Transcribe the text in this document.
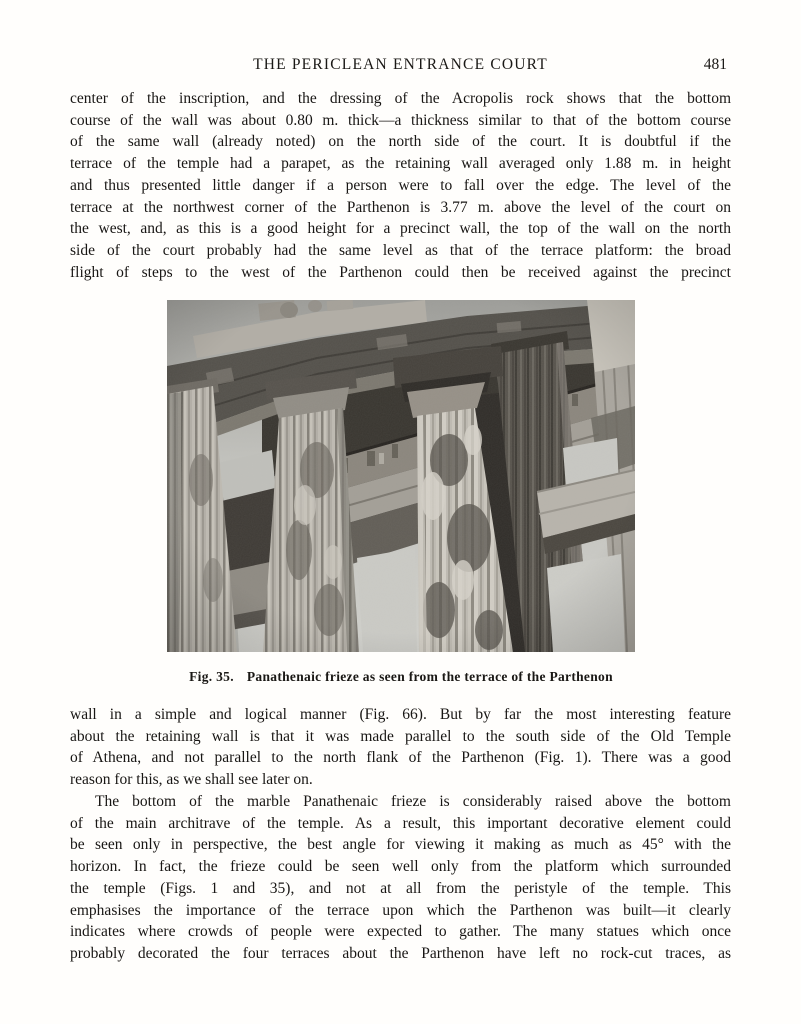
THE PERICLEAN ENTRANCE COURT	481
center of the inscription, and the dressing of the Acropolis rock shows that the bottom
course of the wall was about 0.80 m. thick—a thickness similar to that of the bottom course
of the same wall (already noted) on the north side of the court. It is doubtful if the
terrace of the temple had a parapet, as the retaining wall averaged only 1.88 m. in height
and thus presented little danger if a person were to fall over the edge. The level of the
terrace at the northwest corner of the Parthenon is 3.77 m. above the level of the court on
the west, and, as this is a good height for a precinct wall, the top of the wall on the north
side of the court probably had the same level as that of the terrace platform: the broad
flight of steps to the west of the Parthenon could then be received against the precinct
Fig. 35. Panathenaic frieze as seen from the terrace of the Parthenon
wall in a simple and logical manner (Fig. 66). But by far the most interesting feature
about the retaining wall is that it was made parallel to the south side of the Old Temple
of Athena, and not parallel to the north flank of the Parthenon (Fig. 1). There was a good
reason for this, as we shall see later on.
The bottom of the marble Panathenaic frieze is considerably raised above the bottom
of the main architrave of the temple. As a result, this important decorative element could
be seen only in perspective, the best angle for viewing it making as much as 45° with the
horizon. In fact, the frieze could be seen well only from the platform which surrounded
the temple (Figs. 1 and 35), and not at all from the peristyle of the temple. This
emphasises the importance of the terrace upon which the Parthenon was built—it clearly
indicates where crowds of people were expected to gather. The many statues which once
probably decorated the four terraces about the Parthenon have left no rock-cut traces, as
